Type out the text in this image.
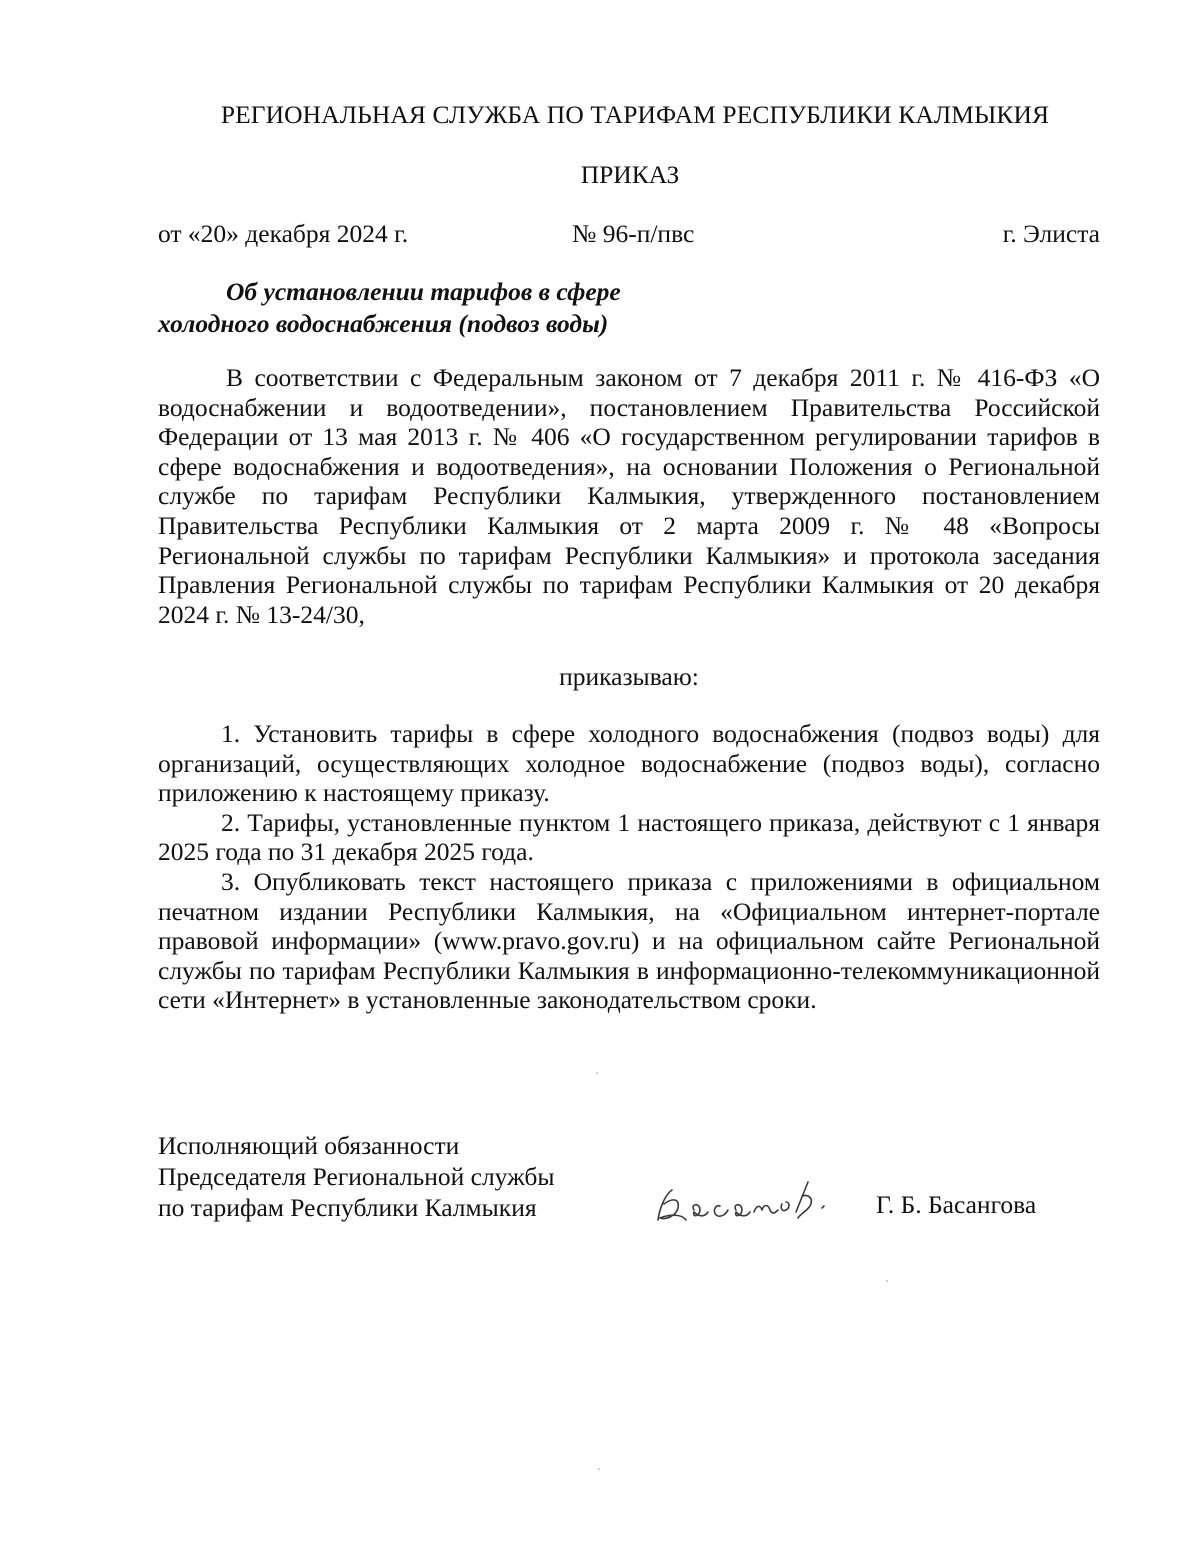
РЕГИОНАЛЬНАЯ СЛУЖБА ПО ТАРИФАМ РЕСПУБЛИКИ КАЛМЫКИЯ
ПРИКАЗ
от «20» декабря 2024 г.	№ 96-п/пвс	г. Элиста
Об установлении тарифов в сфере
холодного водоснабжения (подвоз воды)

В соответствии с Федеральным законом от 7 декабря 2011 г. № 416-ФЗ «О водоснабжении и водоотведении», постановлением Правительства Российской Федерации от 13 мая 2013 г. № 406 «О государственном регулировании тарифов в сфере водоснабжения и водоотведения», на основании Положения о Региональной службе по тарифам Республики Калмыкия, утвержденного постановлением Правительства Республики Калмыкия от 2 марта 2009 г. № 48 «Вопросы Региональной службы по тарифам Республики Калмыкия» и протокола заседания Правления Региональной службы по тарифам Республики Калмыкия от 20 декабря 2024 г. № 13-24/30,

приказываю:

1. Установить тарифы в сфере холодного водоснабжения (подвоз воды) для организаций, осуществляющих холодное водоснабжение (подвоз воды), согласно приложению к настоящему приказу.

2. Тарифы, установленные пунктом 1 настоящего приказа, действуют с 1 января 2025 года по 31 декабря 2025 года.

3. Опубликовать текст настоящего приказа с приложениями в официальном печатном издании Республики Калмыкия, на «Официальном интернет-портале правовой информации» (www.pravo.gov.ru) и на официальном сайте Региональной службы по тарифам Республики Калмыкия в информационно-телекоммуникационной сети «Интернет» в установленные законодательством сроки.

Исполняющий обязанности
Председателя Региональной службы
по тарифам Республики Калмыкия	Г. Б. Басангова
